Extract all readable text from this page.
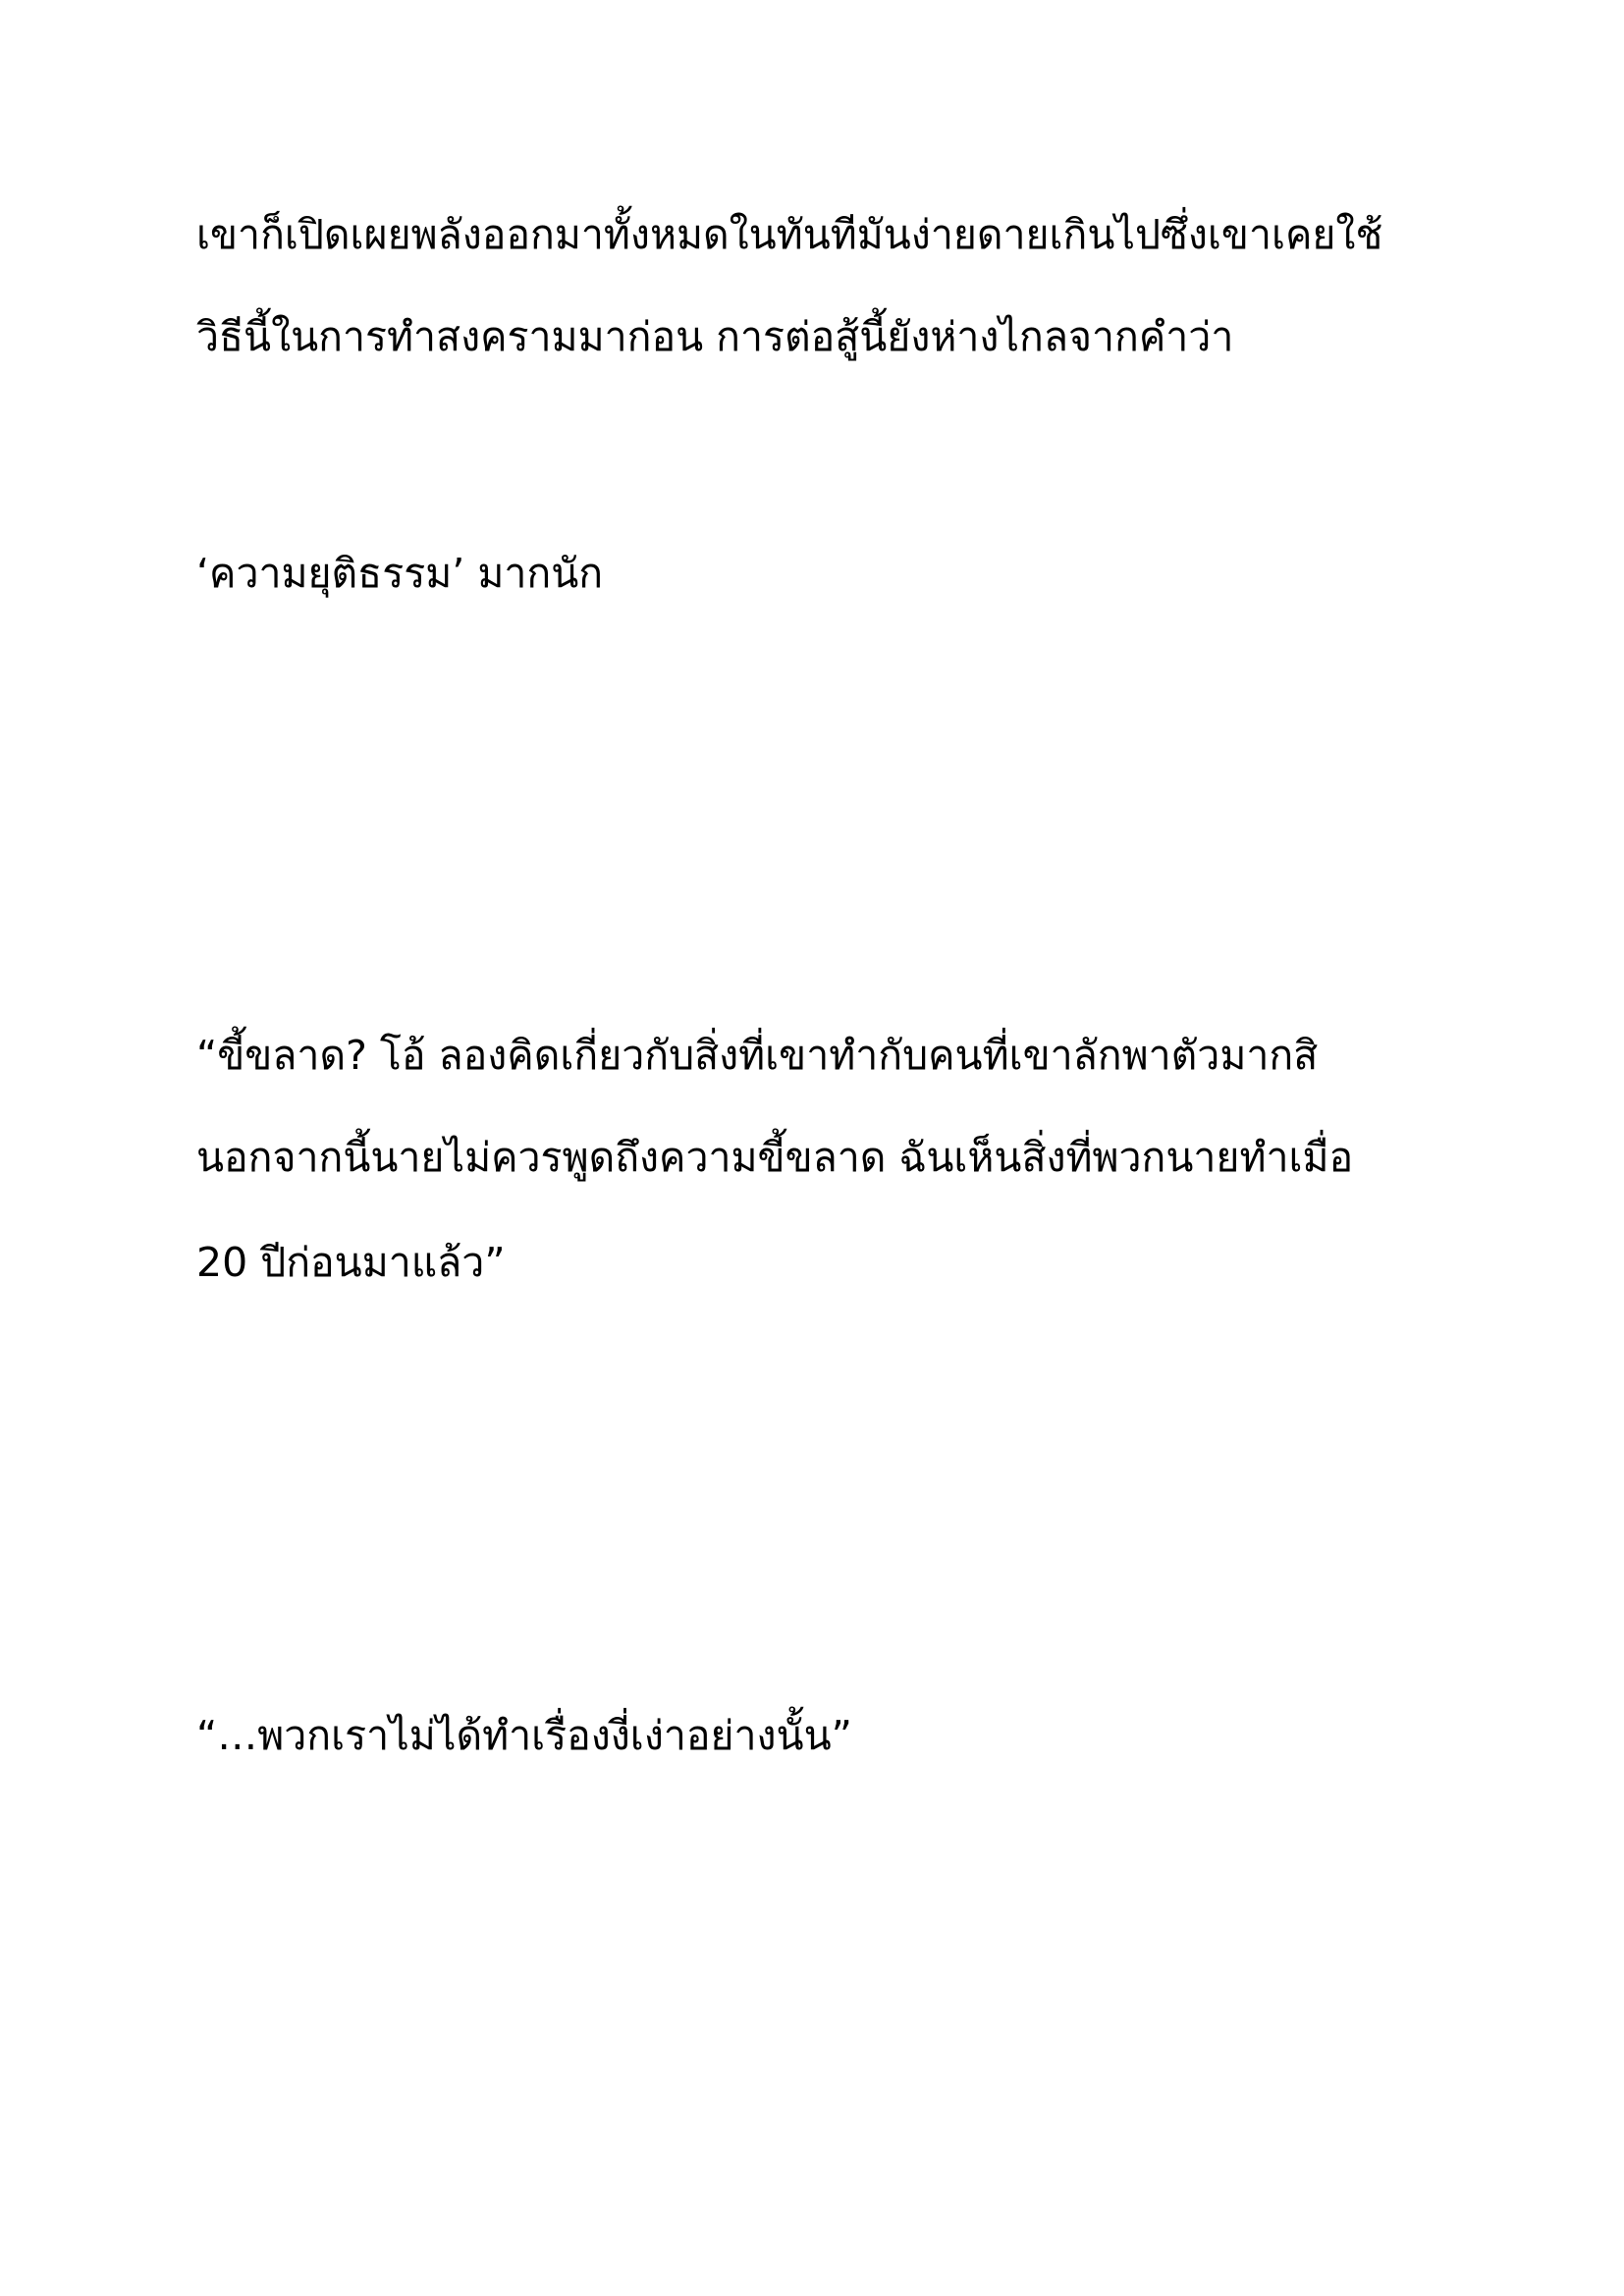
เขาก็เปิดเผยพลังออกมาทั้งหมดในทันทีมันง่ายดายเกินไปซึ่งเขาเคยใช้
วิธีนี้ในการทำสงครามมาก่อน การต่อสู้นี้ยังห่างไกลจากคำว่า
‘ความยุติธรรม’ มากนัก
“ขี้ขลาด? โอ้ ลองคิดเกี่ยวกับสิ่งที่เขาทำกับคนที่เขาลักพาตัวมากสิ
นอกจากนี้นายไม่ควรพูดถึงความขี้ขลาด ฉันเห็นสิ่งที่พวกนายทำเมื่อ
20 ปีก่อนมาแล้ว”
“…พวกเราไม่ได้ทำเรื่องงี่เง่าอย่างนั้น”
